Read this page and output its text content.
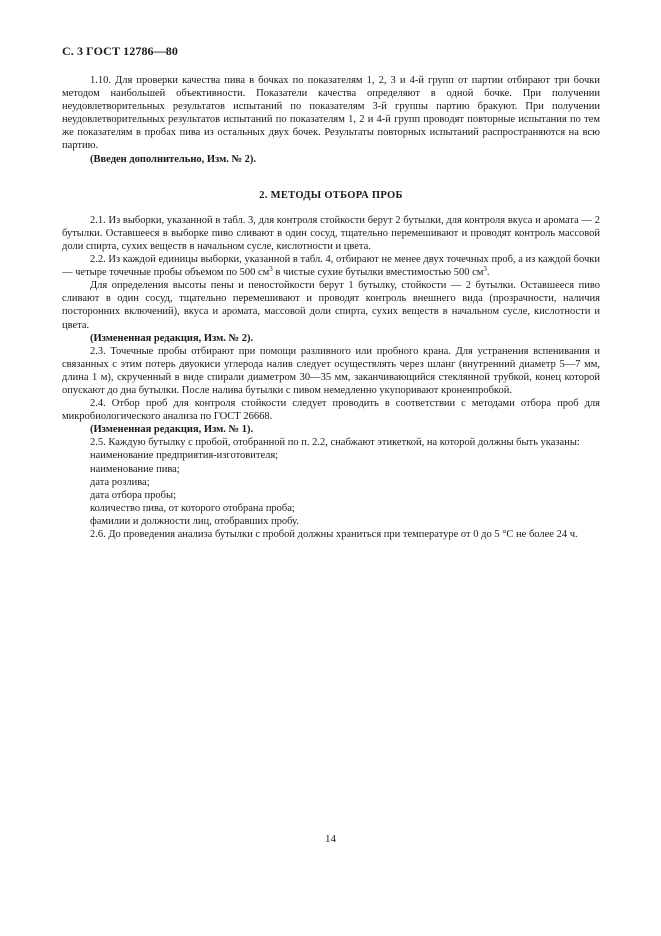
С. 3 ГОСТ 12786—80

1.10. Для проверки качества пива в бочках по показателям 1, 2, 3 и 4-й групп от партии отбирают три бочки методом наибольшей объективности. Показатели качества определяют в одной бочке. При получении неудовлетворительных результатов испытаний по показателям 3-й группы партию бракуют. При получении неудовлетворительных результатов испытаний по показателям 1, 2 и 4-й групп проводят повторные испытания по тем же показателям в пробах пива из остальных двух бочек. Результаты повторных испытаний распространяются на всю партию.

(Введен дополнительно, Изм. № 2).

2. МЕТОДЫ ОТБОРА ПРОБ

2.1. Из выборки, указанной в табл. 3, для контроля стойкости берут 2 бутылки, для контроля вкуса и аромата — 2 бутылки. Оставшееся в выборке пиво сливают в один сосуд, тщательно перемешивают и проводят контроль массовой доли спирта, сухих веществ в начальном сусле, кислотности и цвета.

2.2. Из каждой единицы выборки, указанной в табл. 4, отбирают не менее двух точечных проб, а из каждой бочки — четыре точечные пробы объемом по 500 $см^3$ в чистые сухие бутылки вместимостью 500 $см^3$.

Для определения высоты пены и пеностойкости берут 1 бутылку, стойкости — 2 бутылки. Оставшееся пиво сливают в один сосуд, тщательно перемешивают и проводят контроль внешнего вида (прозрачности, наличия посторонних включений), вкуса и аромата, массовой доли спирта, сухих веществ в начальном сусле, кислотности и цвета.

(Измененная редакция, Изм. № 2).

2.3. Точечные пробы отбирают при помощи разливного или пробного крана. Для устранения вспенивания и связанных с этим потерь двуокиси углерода налив следует осуществлять через шланг (внутренний диаметр 5—7 мм, длина 1 м), скрученный в виде спирали диаметром 30—35 мм, заканчивающийся стеклянной трубкой, конец которой опускают до дна бутылки. После налива бутылки с пивом немедленно укупоривают кроненпробкой.

2.4. Отбор проб для контроля стойкости следует проводить в соответствии с методами отбора проб для микробиологического анализа по ГОСТ 26668.

(Измененная редакция, Изм. № 1).

2.5. Каждую бутылку с пробой, отобранной по п. 2.2, снабжают этикеткой, на которой должны быть указаны:

наименование предприятия-изготовителя;

наименование пива;

дата розлива;

дата отбора пробы;

количество пива, от которого отобрана проба;

фамилии и должности лиц, отобравших пробу.

2.6. До проведения анализа бутылки с пробой должны храниться при температуре от 0 до 5 °С не более 24 ч.

14
